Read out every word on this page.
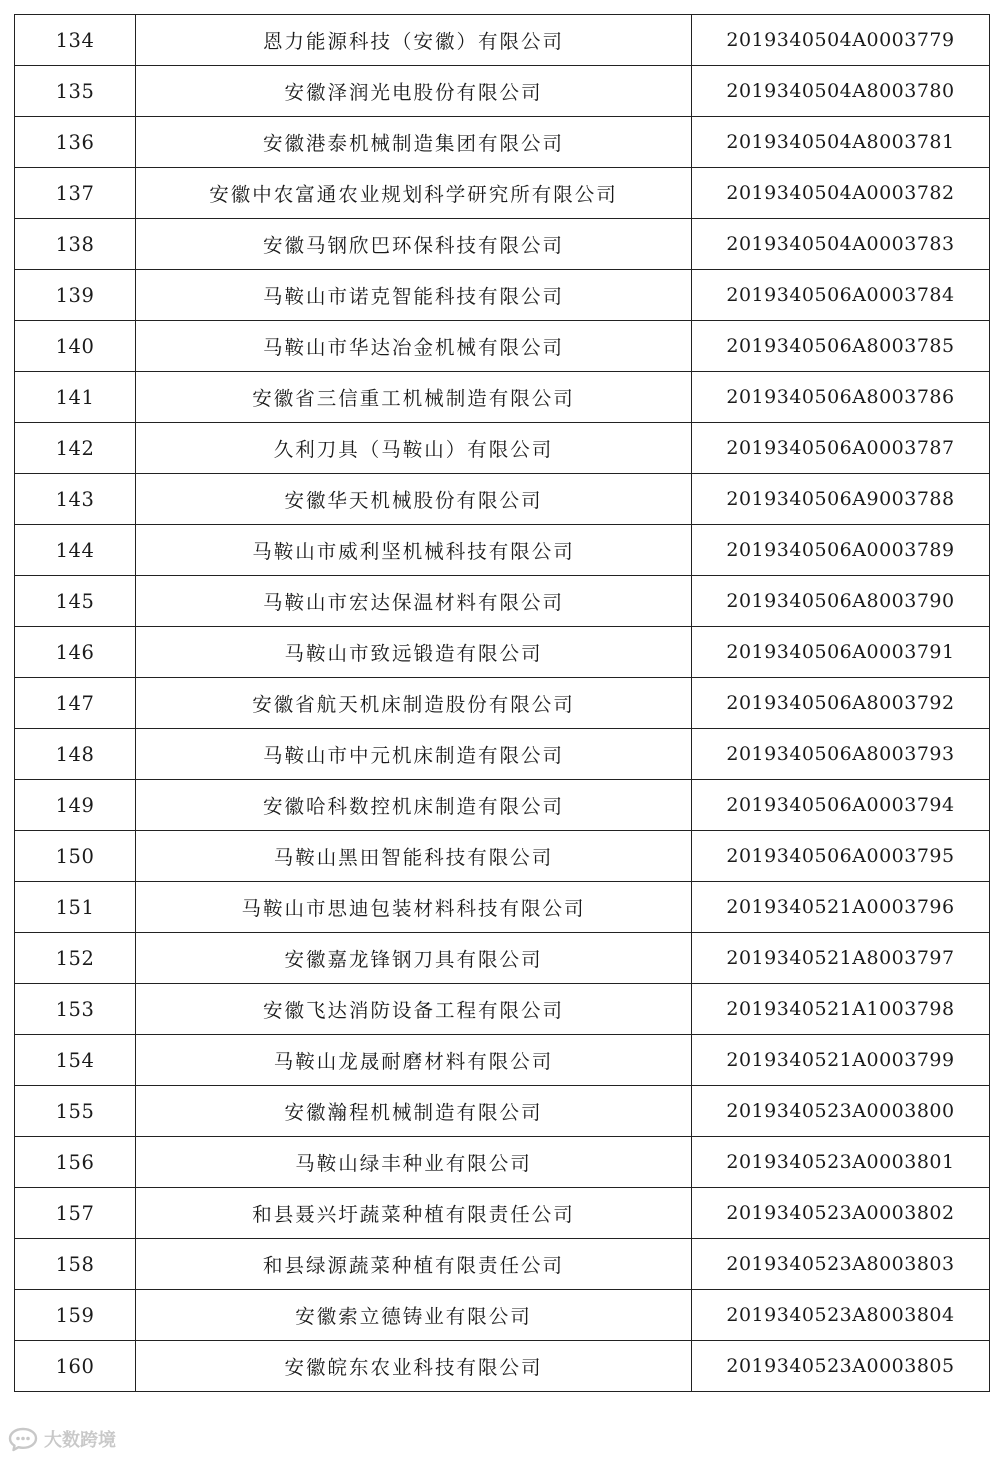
134	恩力能源科技（安徽）有限公司	2019340504A0003779
135	安徽泽润光电股份有限公司	2019340504A8003780
136	安徽港泰机械制造集团有限公司	2019340504A8003781
137	安徽中农富通农业规划科学研究所有限公司	2019340504A0003782
138	安徽马钢欣巴环保科技有限公司	2019340504A0003783
139	马鞍山市诺克智能科技有限公司	2019340506A0003784
140	马鞍山市华达冶金机械有限公司	2019340506A8003785
141	安徽省三信重工机械制造有限公司	2019340506A8003786
142	久利刀具（马鞍山）有限公司	2019340506A0003787
143	安徽华天机械股份有限公司	2019340506A9003788
144	马鞍山市威利坚机械科技有限公司	2019340506A0003789
145	马鞍山市宏达保温材料有限公司	2019340506A8003790
146	马鞍山市致远锻造有限公司	2019340506A0003791
147	安徽省航天机床制造股份有限公司	2019340506A8003792
148	马鞍山市中元机床制造有限公司	2019340506A8003793
149	安徽哈科数控机床制造有限公司	2019340506A0003794
150	马鞍山黑田智能科技有限公司	2019340506A0003795
151	马鞍山市思迪包装材料科技有限公司	2019340521A0003796
152	安徽嘉龙锋钢刀具有限公司	2019340521A8003797
153	安徽飞达消防设备工程有限公司	2019340521A1003798
154	马鞍山龙晟耐磨材料有限公司	2019340521A0003799
155	安徽瀚程机械制造有限公司	2019340523A0003800
156	马鞍山绿丰种业有限公司	2019340523A0003801
157	和县聂兴圩蔬菜种植有限责任公司	2019340523A0003802
158	和县绿源蔬菜种植有限责任公司	2019340523A8003803
159	安徽索立德铸业有限公司	2019340523A8003804
160	安徽皖东农业科技有限公司	2019340523A0003805
大数跨境
